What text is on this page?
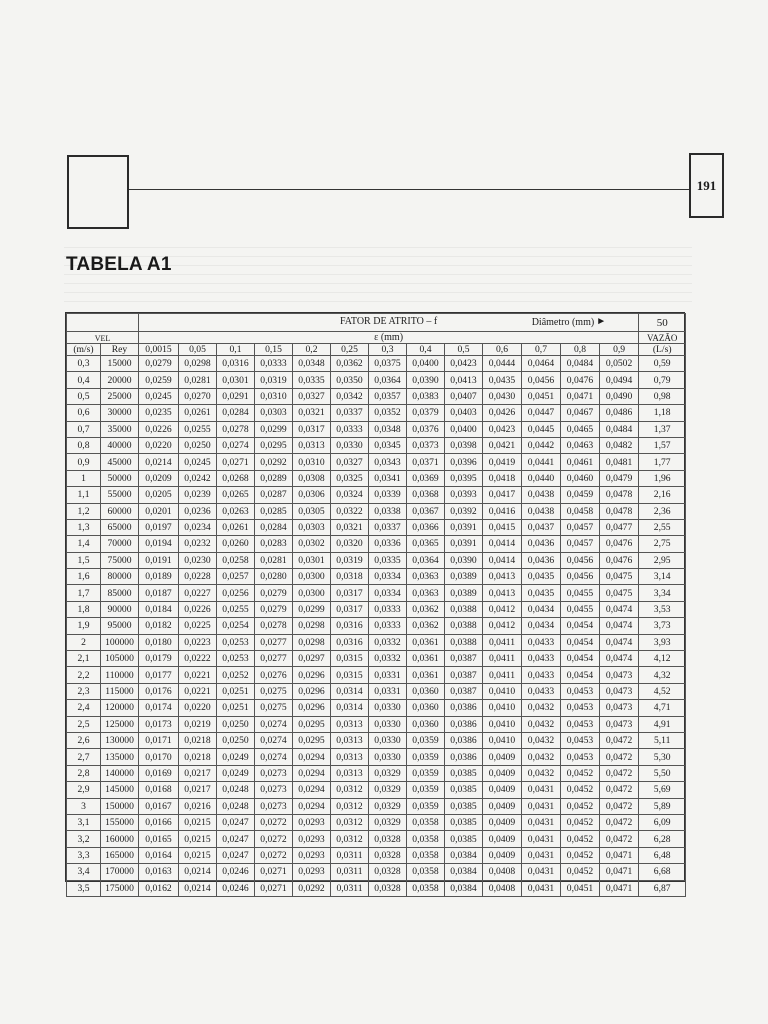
191
TABELA A1

		FATOR DE ATRITO – f Diâmetro (mm) ►													50
VEL		ε (mm)													VAZÃO
(m/s)	Rey	0,0015	0,05	0,1	0,15	0,2	0,25	0,3	0,4	0,5	0,6	0,7	0,8	0,9	(L/s)
0,3	15000	0,0279	0,0298	0,0316	0,0333	0,0348	0,0362	0,0375	0,0400	0,0423	0,0444	0,0464	0,0484	0,0502	0,59
0,4	20000	0,0259	0,0281	0,0301	0,0319	0,0335	0,0350	0,0364	0,0390	0,0413	0,0435	0,0456	0,0476	0,0494	0,79
0,5	25000	0,0245	0,0270	0,0291	0,0310	0,0327	0,0342	0,0357	0,0383	0,0407	0,0430	0,0451	0,0471	0,0490	0,98
0,6	30000	0,0235	0,0261	0,0284	0,0303	0,0321	0,0337	0,0352	0,0379	0,0403	0,0426	0,0447	0,0467	0,0486	1,18
0,7	35000	0,0226	0,0255	0,0278	0,0299	0,0317	0,0333	0,0348	0,0376	0,0400	0,0423	0,0445	0,0465	0,0484	1,37
0,8	40000	0,0220	0,0250	0,0274	0,0295	0,0313	0,0330	0,0345	0,0373	0,0398	0,0421	0,0442	0,0463	0,0482	1,57
0,9	45000	0,0214	0,0245	0,0271	0,0292	0,0310	0,0327	0,0343	0,0371	0,0396	0,0419	0,0441	0,0461	0,0481	1,77
1	50000	0,0209	0,0242	0,0268	0,0289	0,0308	0,0325	0,0341	0,0369	0,0395	0,0418	0,0440	0,0460	0,0479	1,96
1,1	55000	0,0205	0,0239	0,0265	0,0287	0,0306	0,0324	0,0339	0,0368	0,0393	0,0417	0,0438	0,0459	0,0478	2,16
1,2	60000	0,0201	0,0236	0,0263	0,0285	0,0305	0,0322	0,0338	0,0367	0,0392	0,0416	0,0438	0,0458	0,0478	2,36
1,3	65000	0,0197	0,0234	0,0261	0,0284	0,0303	0,0321	0,0337	0,0366	0,0391	0,0415	0,0437	0,0457	0,0477	2,55
1,4	70000	0,0194	0,0232	0,0260	0,0283	0,0302	0,0320	0,0336	0,0365	0,0391	0,0414	0,0436	0,0457	0,0476	2,75
1,5	75000	0,0191	0,0230	0,0258	0,0281	0,0301	0,0319	0,0335	0,0364	0,0390	0,0414	0,0436	0,0456	0,0476	2,95
1,6	80000	0,0189	0,0228	0,0257	0,0280	0,0300	0,0318	0,0334	0,0363	0,0389	0,0413	0,0435	0,0456	0,0475	3,14
1,7	85000	0,0187	0,0227	0,0256	0,0279	0,0300	0,0317	0,0334	0,0363	0,0389	0,0413	0,0435	0,0455	0,0475	3,34
1,8	90000	0,0184	0,0226	0,0255	0,0279	0,0299	0,0317	0,0333	0,0362	0,0388	0,0412	0,0434	0,0455	0,0474	3,53
1,9	95000	0,0182	0,0225	0,0254	0,0278	0,0298	0,0316	0,0333	0,0362	0,0388	0,0412	0,0434	0,0454	0,0474	3,73
2	100000	0,0180	0,0223	0,0253	0,0277	0,0298	0,0316	0,0332	0,0361	0,0388	0,0411	0,0433	0,0454	0,0474	3,93
2,1	105000	0,0179	0,0222	0,0253	0,0277	0,0297	0,0315	0,0332	0,0361	0,0387	0,0411	0,0433	0,0454	0,0474	4,12
2,2	110000	0,0177	0,0221	0,0252	0,0276	0,0296	0,0315	0,0331	0,0361	0,0387	0,0411	0,0433	0,0454	0,0473	4,32
2,3	115000	0,0176	0,0221	0,0251	0,0275	0,0296	0,0314	0,0331	0,0360	0,0387	0,0410	0,0433	0,0453	0,0473	4,52
2,4	120000	0,0174	0,0220	0,0251	0,0275	0,0296	0,0314	0,0330	0,0360	0,0386	0,0410	0,0432	0,0453	0,0473	4,71
2,5	125000	0,0173	0,0219	0,0250	0,0274	0,0295	0,0313	0,0330	0,0360	0,0386	0,0410	0,0432	0,0453	0,0473	4,91
2,6	130000	0,0171	0,0218	0,0250	0,0274	0,0295	0,0313	0,0330	0,0359	0,0386	0,0410	0,0432	0,0453	0,0472	5,11
2,7	135000	0,0170	0,0218	0,0249	0,0274	0,0294	0,0313	0,0330	0,0359	0,0386	0,0409	0,0432	0,0453	0,0472	5,30
2,8	140000	0,0169	0,0217	0,0249	0,0273	0,0294	0,0313	0,0329	0,0359	0,0385	0,0409	0,0432	0,0452	0,0472	5,50
2,9	145000	0,0168	0,0217	0,0248	0,0273	0,0294	0,0312	0,0329	0,0359	0,0385	0,0409	0,0431	0,0452	0,0472	5,69
3	150000	0,0167	0,0216	0,0248	0,0273	0,0294	0,0312	0,0329	0,0359	0,0385	0,0409	0,0431	0,0452	0,0472	5,89
3,1	155000	0,0166	0,0215	0,0247	0,0272	0,0293	0,0312	0,0329	0,0358	0,0385	0,0409	0,0431	0,0452	0,0472	6,09
3,2	160000	0,0165	0,0215	0,0247	0,0272	0,0293	0,0312	0,0328	0,0358	0,0385	0,0409	0,0431	0,0452	0,0472	6,28
3,3	165000	0,0164	0,0215	0,0247	0,0272	0,0293	0,0311	0,0328	0,0358	0,0384	0,0409	0,0431	0,0452	0,0471	6,48
3,4	170000	0,0163	0,0214	0,0246	0,0271	0,0293	0,0311	0,0328	0,0358	0,0384	0,0408	0,0431	0,0452	0,0471	6,68
3,5	175000	0,0162	0,0214	0,0246	0,0271	0,0292	0,0311	0,0328	0,0358	0,0384	0,0408	0,0431	0,0451	0,0471	6,87
